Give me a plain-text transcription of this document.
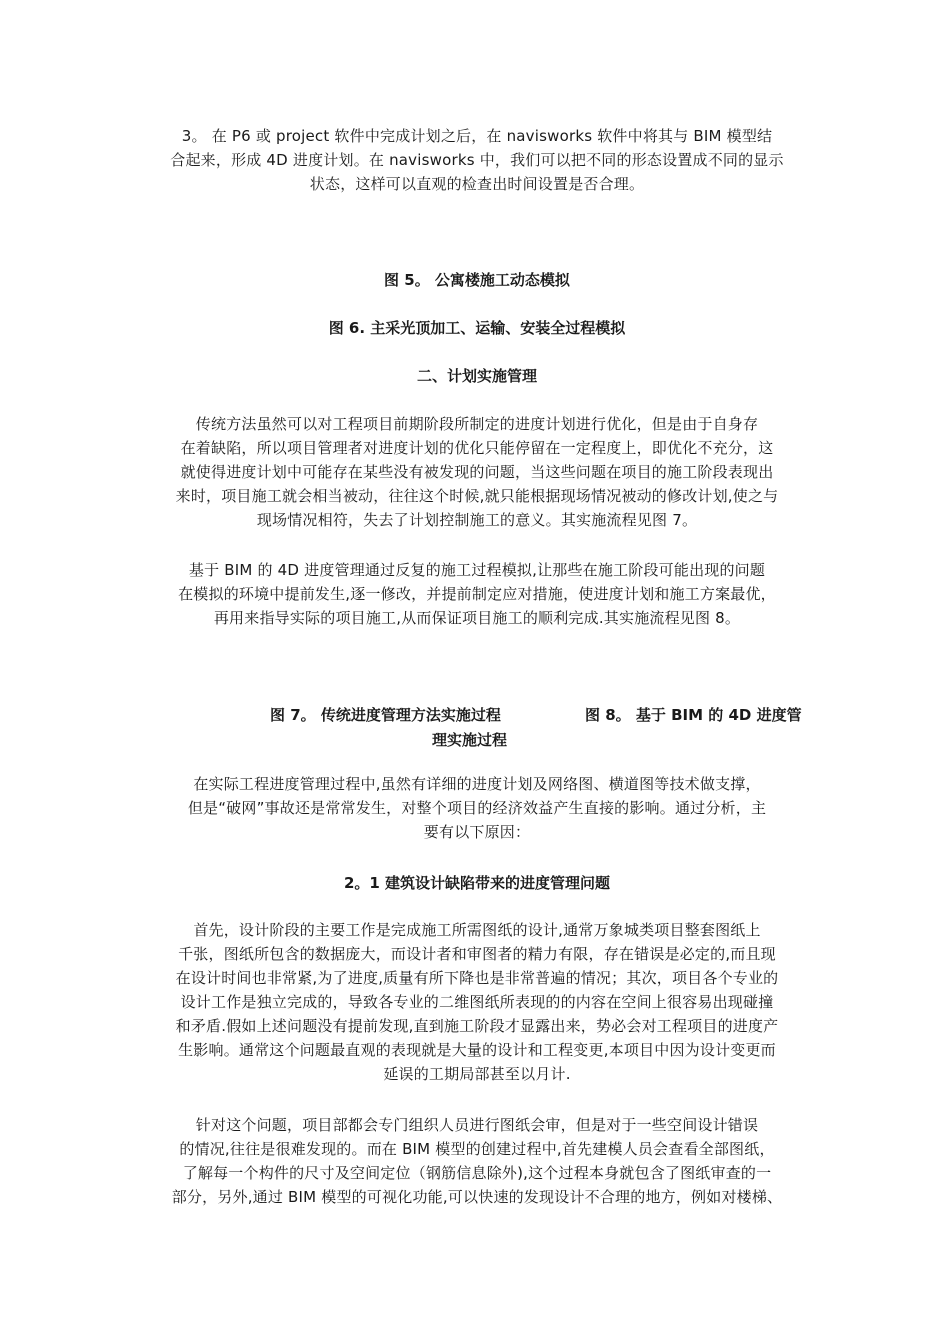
3。 在 P6 或 project 软件中完成计划之后，在 navisworks 软件中将其与 BIM 模型结
合起来，形成 4D 进度计划。在 navisworks 中，我们可以把不同的形态设置成不同的显示
状态，这样可以直观的检查出时间设置是否合理。
图 5。 公寓楼施工动态模拟
图 6. 主采光顶加工、运输、安装全过程模拟
二、计划实施管理
传统方法虽然可以对工程项目前期阶段所制定的进度计划进行优化，但是由于自身存
在着缺陷，所以项目管理者对进度计划的优化只能停留在一定程度上，即优化不充分，这
就使得进度计划中可能存在某些没有被发现的问题，当这些问题在项目的施工阶段表现出
来时，项目施工就会相当被动，往往这个时候,就只能根据现场情况被动的修改计划,使之与
现场情况相符，失去了计划控制施工的意义。其实施流程见图 7。
基于 BIM 的 4D 进度管理通过反复的施工过程模拟,让那些在施工阶段可能出现的问题
在模拟的环境中提前发生,逐一修改，并提前制定应对措施，使进度计划和施工方案最优，
再用来指导实际的项目施工,从而保证项目施工的顺利完成.其实施流程见图 8。
图 7。 传统进度管理方法实施过程	图 8。 基于 BIM 的 4D 进度管
理实施过程
在实际工程进度管理过程中,虽然有详细的进度计划及网络图、横道图等技术做支撑，
但是“破网”事故还是常常发生，对整个项目的经济效益产生直接的影响。通过分析，主
要有以下原因：
2。1 建筑设计缺陷带来的进度管理问题
首先，设计阶段的主要工作是完成施工所需图纸的设计,通常万象城类项目整套图纸上
千张，图纸所包含的数据庞大，而设计者和审图者的精力有限，存在错误是必定的,而且现
在设计时间也非常紧,为了进度,质量有所下降也是非常普遍的情况；其次，项目各个专业的
设计工作是独立完成的，导致各专业的二维图纸所表现的的内容在空间上很容易出现碰撞
和矛盾.假如上述问题没有提前发现,直到施工阶段才显露出来，势必会对工程项目的进度产
生影响。通常这个问题最直观的表现就是大量的设计和工程变更,本项目中因为设计变更而
延误的工期局部甚至以月计.
针对这个问题，项目部都会专门组织人员进行图纸会审，但是对于一些空间设计错误
的情况,往往是很难发现的。而在 BIM 模型的创建过程中,首先建模人员会查看全部图纸，
了解每一个构件的尺寸及空间定位（钢筋信息除外),这个过程本身就包含了图纸审查的一
部分，另外,通过 BIM 模型的可视化功能,可以快速的发现设计不合理的地方，例如对楼梯、
